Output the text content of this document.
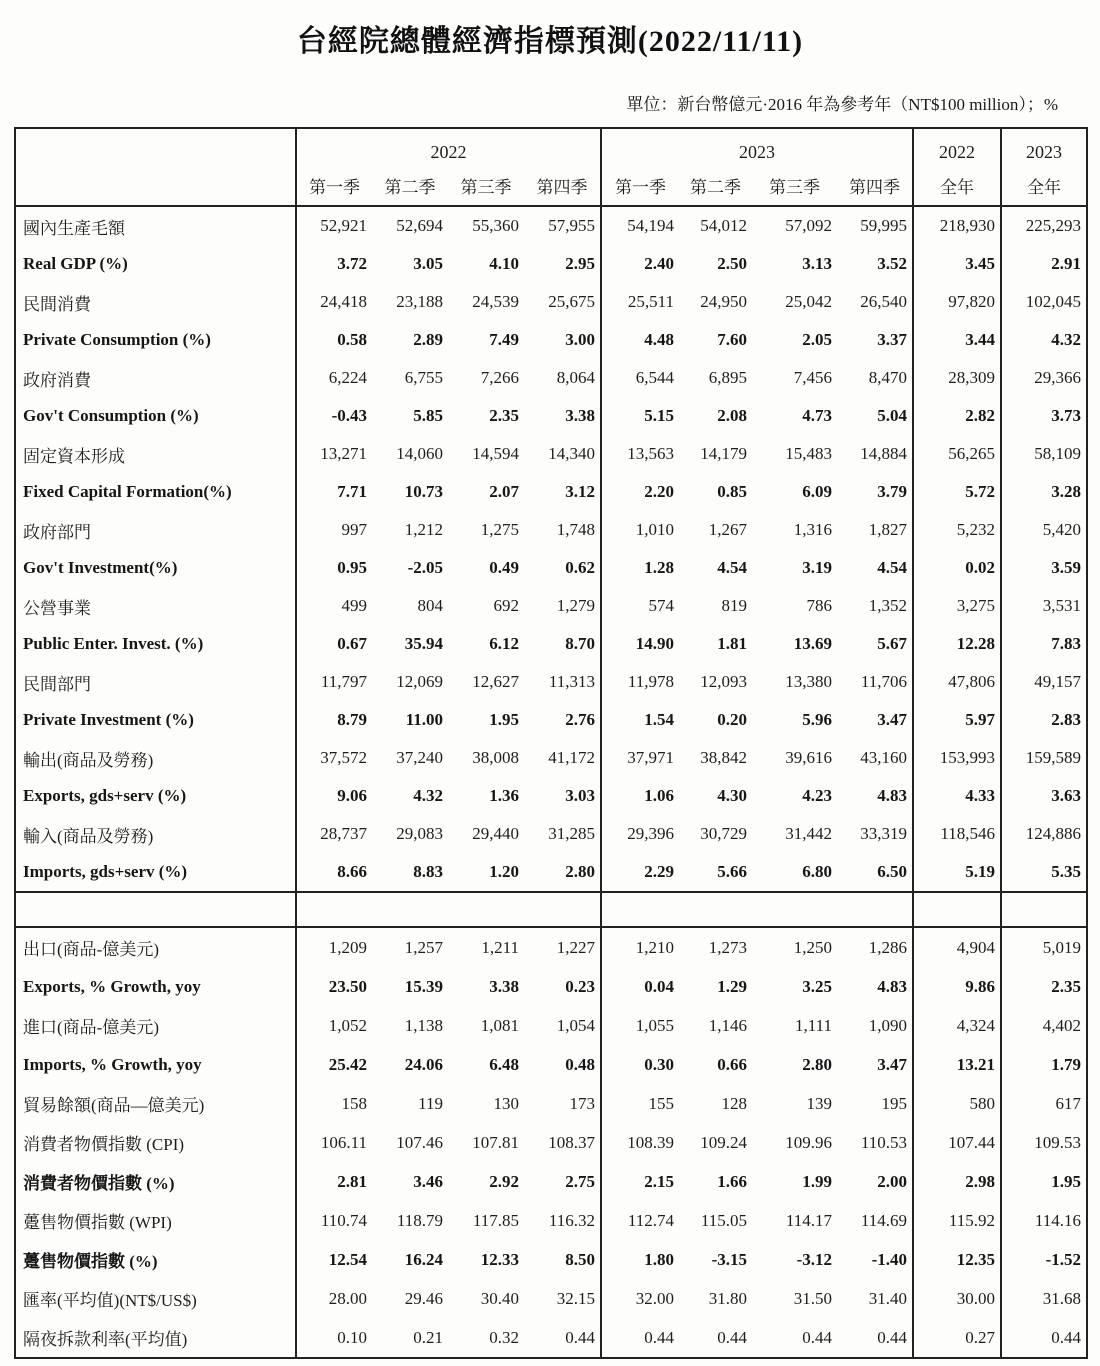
台經院總體經濟指標預測(2022/11/11)
單位：新台幣億元·2016 年為參考年（NT$100 million）；%
	2022				2023				2022	2023
	第一季	第二季	第三季	第四季	第一季	第二季	第三季	第四季	全年	全年
國內生產毛額	52,921	52,694	55,360	57,955	54,194	54,012	57,092	59,995	218,930	225,293
Real GDP (%)	3.72	3.05	4.10	2.95	2.40	2.50	3.13	3.52	3.45	2.91
民間消費	24,418	23,188	24,539	25,675	25,511	24,950	25,042	26,540	97,820	102,045
Private Consumption (%)	0.58	2.89	7.49	3.00	4.48	7.60	2.05	3.37	3.44	4.32
政府消費	6,224	6,755	7,266	8,064	6,544	6,895	7,456	8,470	28,309	29,366
Gov't Consumption (%)	-0.43	5.85	2.35	3.38	5.15	2.08	4.73	5.04	2.82	3.73
固定資本形成	13,271	14,060	14,594	14,340	13,563	14,179	15,483	14,884	56,265	58,109
Fixed Capital Formation(%)	7.71	10.73	2.07	3.12	2.20	0.85	6.09	3.79	5.72	3.28
政府部門	997	1,212	1,275	1,748	1,010	1,267	1,316	1,827	5,232	5,420
Gov't Investment(%)	0.95	-2.05	0.49	0.62	1.28	4.54	3.19	4.54	0.02	3.59
公營事業	499	804	692	1,279	574	819	786	1,352	3,275	3,531
Public Enter. Invest. (%)	0.67	35.94	6.12	8.70	14.90	1.81	13.69	5.67	12.28	7.83
民間部門	11,797	12,069	12,627	11,313	11,978	12,093	13,380	11,706	47,806	49,157
Private Investment (%)	8.79	11.00	1.95	2.76	1.54	0.20	5.96	3.47	5.97	2.83
輸出(商品及勞務)	37,572	37,240	38,008	41,172	37,971	38,842	39,616	43,160	153,993	159,589
Exports, gds+serv (%)	9.06	4.32	1.36	3.03	1.06	4.30	4.23	4.83	4.33	3.63
輸入(商品及勞務)	28,737	29,083	29,440	31,285	29,396	30,729	31,442	33,319	118,546	124,886
Imports, gds+serv (%)	8.66	8.83	1.20	2.80	2.29	5.66	6.80	6.50	5.19	5.35

出口(商品-億美元)	1,209	1,257	1,211	1,227	1,210	1,273	1,250	1,286	4,904	5,019
Exports, % Growth, yoy	23.50	15.39	3.38	0.23	0.04	1.29	3.25	4.83	9.86	2.35
進口(商品-億美元)	1,052	1,138	1,081	1,054	1,055	1,146	1,111	1,090	4,324	4,402
Imports, % Growth, yoy	25.42	24.06	6.48	0.48	0.30	0.66	2.80	3.47	13.21	1.79
貿易餘額(商品—億美元)	158	119	130	173	155	128	139	195	580	617
消費者物價指數 (CPI)	106.11	107.46	107.81	108.37	108.39	109.24	109.96	110.53	107.44	109.53
消費者物價指數 (%)	2.81	3.46	2.92	2.75	2.15	1.66	1.99	2.00	2.98	1.95
躉售物價指數 (WPI)	110.74	118.79	117.85	116.32	112.74	115.05	114.17	114.69	115.92	114.16
躉售物價指數 (%)	12.54	16.24	12.33	8.50	1.80	-3.15	-3.12	-1.40	12.35	-1.52
匯率(平均值)(NT$/US$)	28.00	29.46	30.40	32.15	32.00	31.80	31.50	31.40	30.00	31.68
隔夜拆款利率(平均值)	0.10	0.21	0.32	0.44	0.44	0.44	0.44	0.44	0.27	0.44
